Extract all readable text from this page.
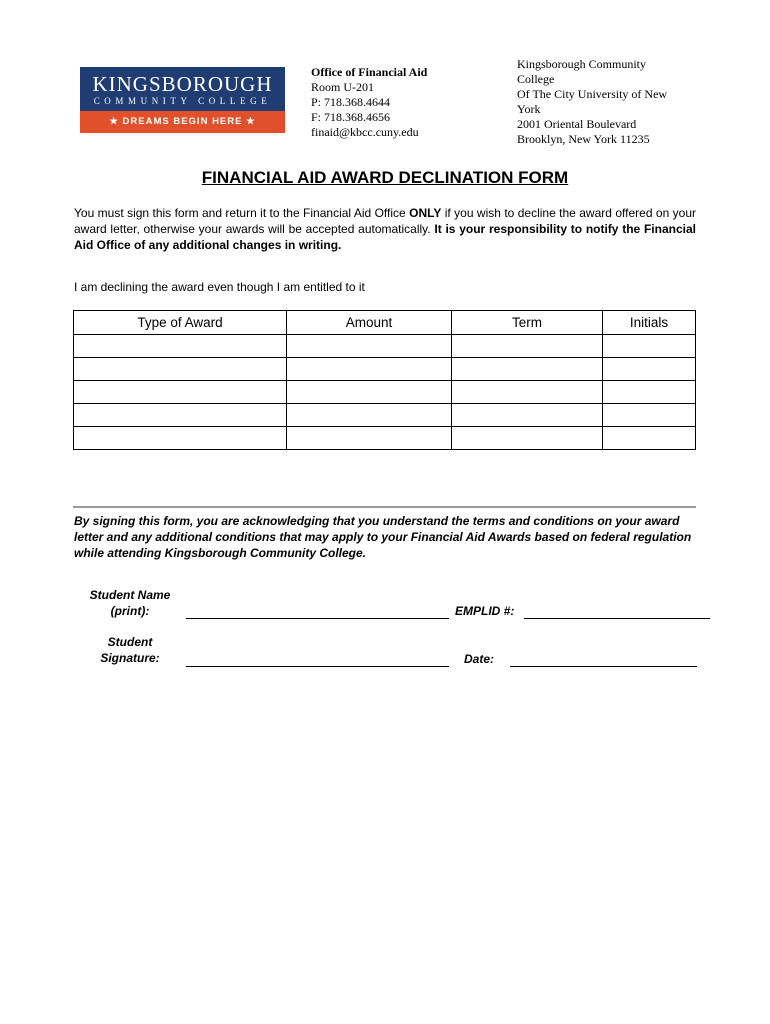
KINGSBOROUGH
COMMUNITY COLLEGE
★ DREAMS BEGIN HERE ★
Office of Financial Aid
Room U-201
P: 718.368.4644
F: 718.368.4656
finaid@kbcc.cuny.edu
Kingsborough Community
College
Of The City University of New
York
2001 Oriental Boulevard
Brooklyn, New York 11235
FINANCIAL AID AWARD DECLINATION FORM
You must sign this form and return it to the Financial Aid Office ONLY if you wish to decline the award offered on your award letter, otherwise your awards will be accepted automatically. It is your responsibility to notify the Financial Aid Office of any additional changes in writing.
I am declining the award even though I am entitled to it
Type of Award	Amount	Term	Initials

By signing this form, you are acknowledging that you understand the terms and conditions on your award letter and any additional conditions that may apply to your Financial Aid Awards based on federal regulation while attending Kingsborough Community College.
Student Name
(print):	EMPLID #:
Student
Signature:	Date:
